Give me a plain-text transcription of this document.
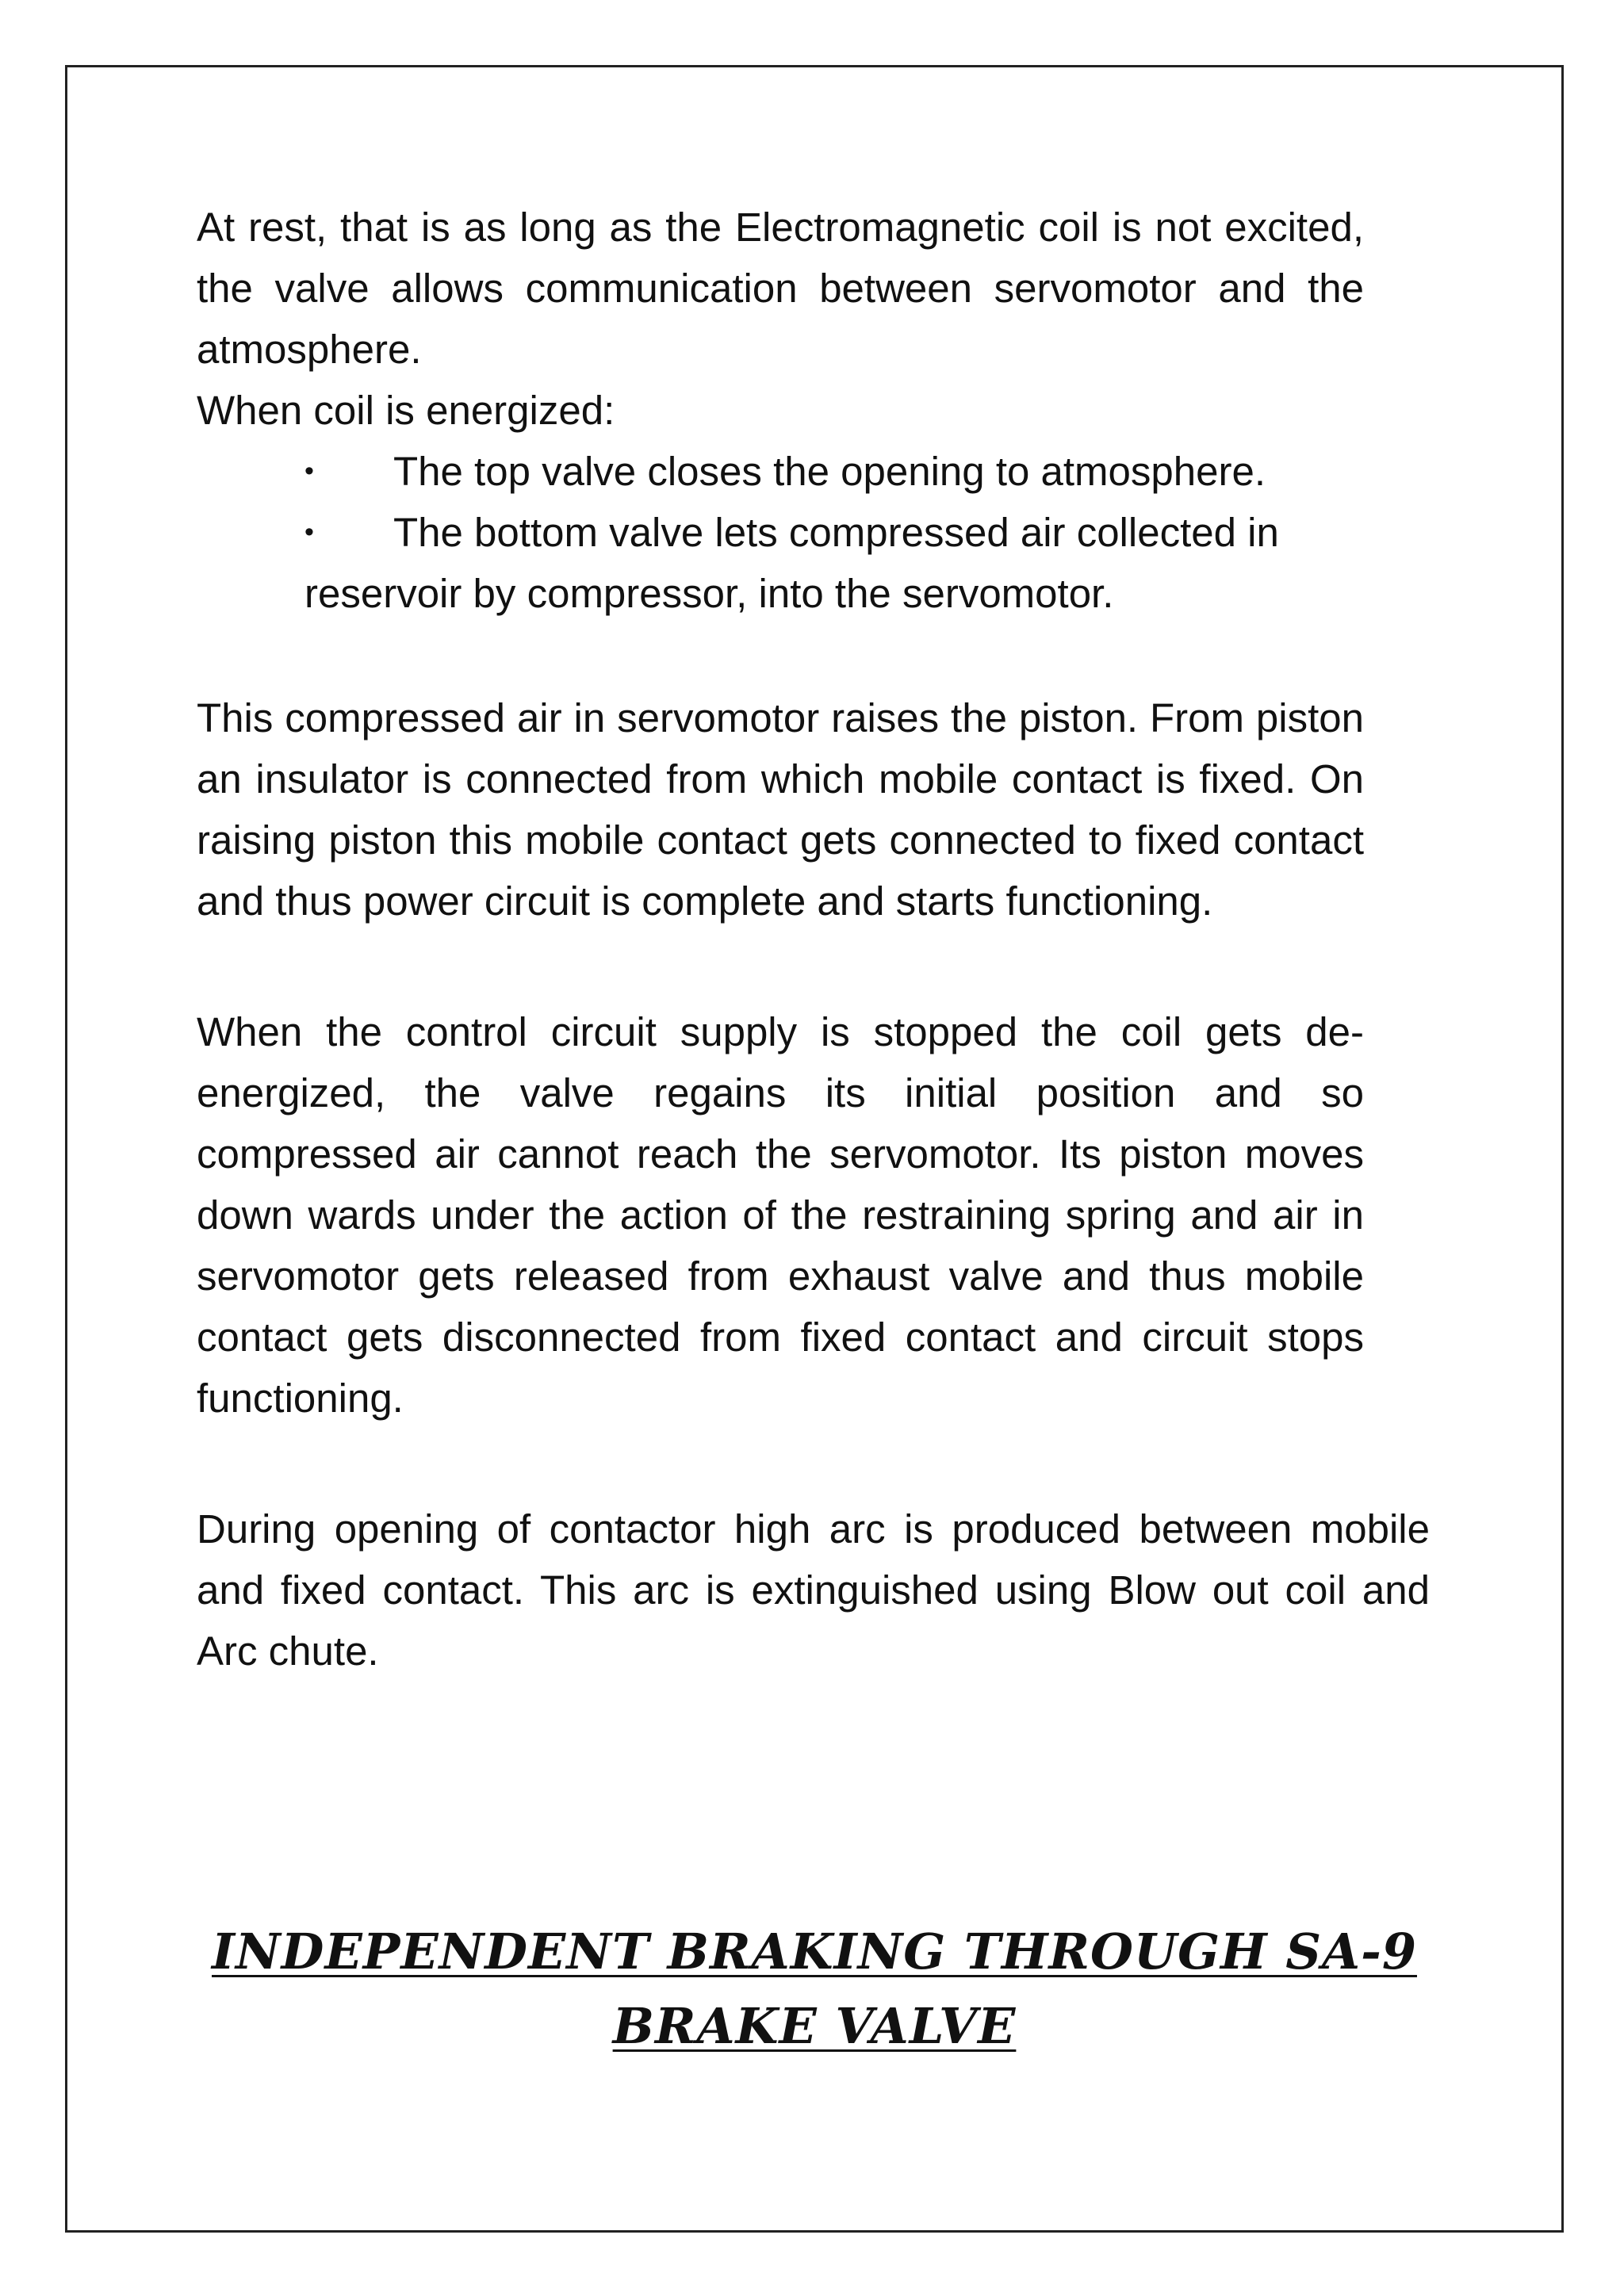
At rest, that is as long as the Electromagnetic coil is not excited, the valve allows communication between servomotor and the atmosphere.

When coil is energized:

• The top valve closes the opening to atmosphere.
• The bottom valve lets compressed air collected in reservoir by compressor, into the servomotor.

This compressed air in servomotor raises the piston. From piston an insulator is connected from which mobile contact is fixed. On raising piston this mobile contact gets connected to fixed contact and thus power circuit is complete and starts functioning.

When the control circuit supply is stopped the coil gets de-energized, the valve regains its initial position and so compressed air cannot reach the servomotor. Its piston moves down wards under the action of the restraining spring and air in servomotor gets released from exhaust valve and thus mobile contact gets disconnected from fixed contact and circuit stops functioning.

During opening of contactor high arc is produced between mobile and fixed contact. This arc is extinguished using Blow out coil and Arc chute.

INDEPENDENT BRAKING THROUGH SA-9
BRAKE VALVE
